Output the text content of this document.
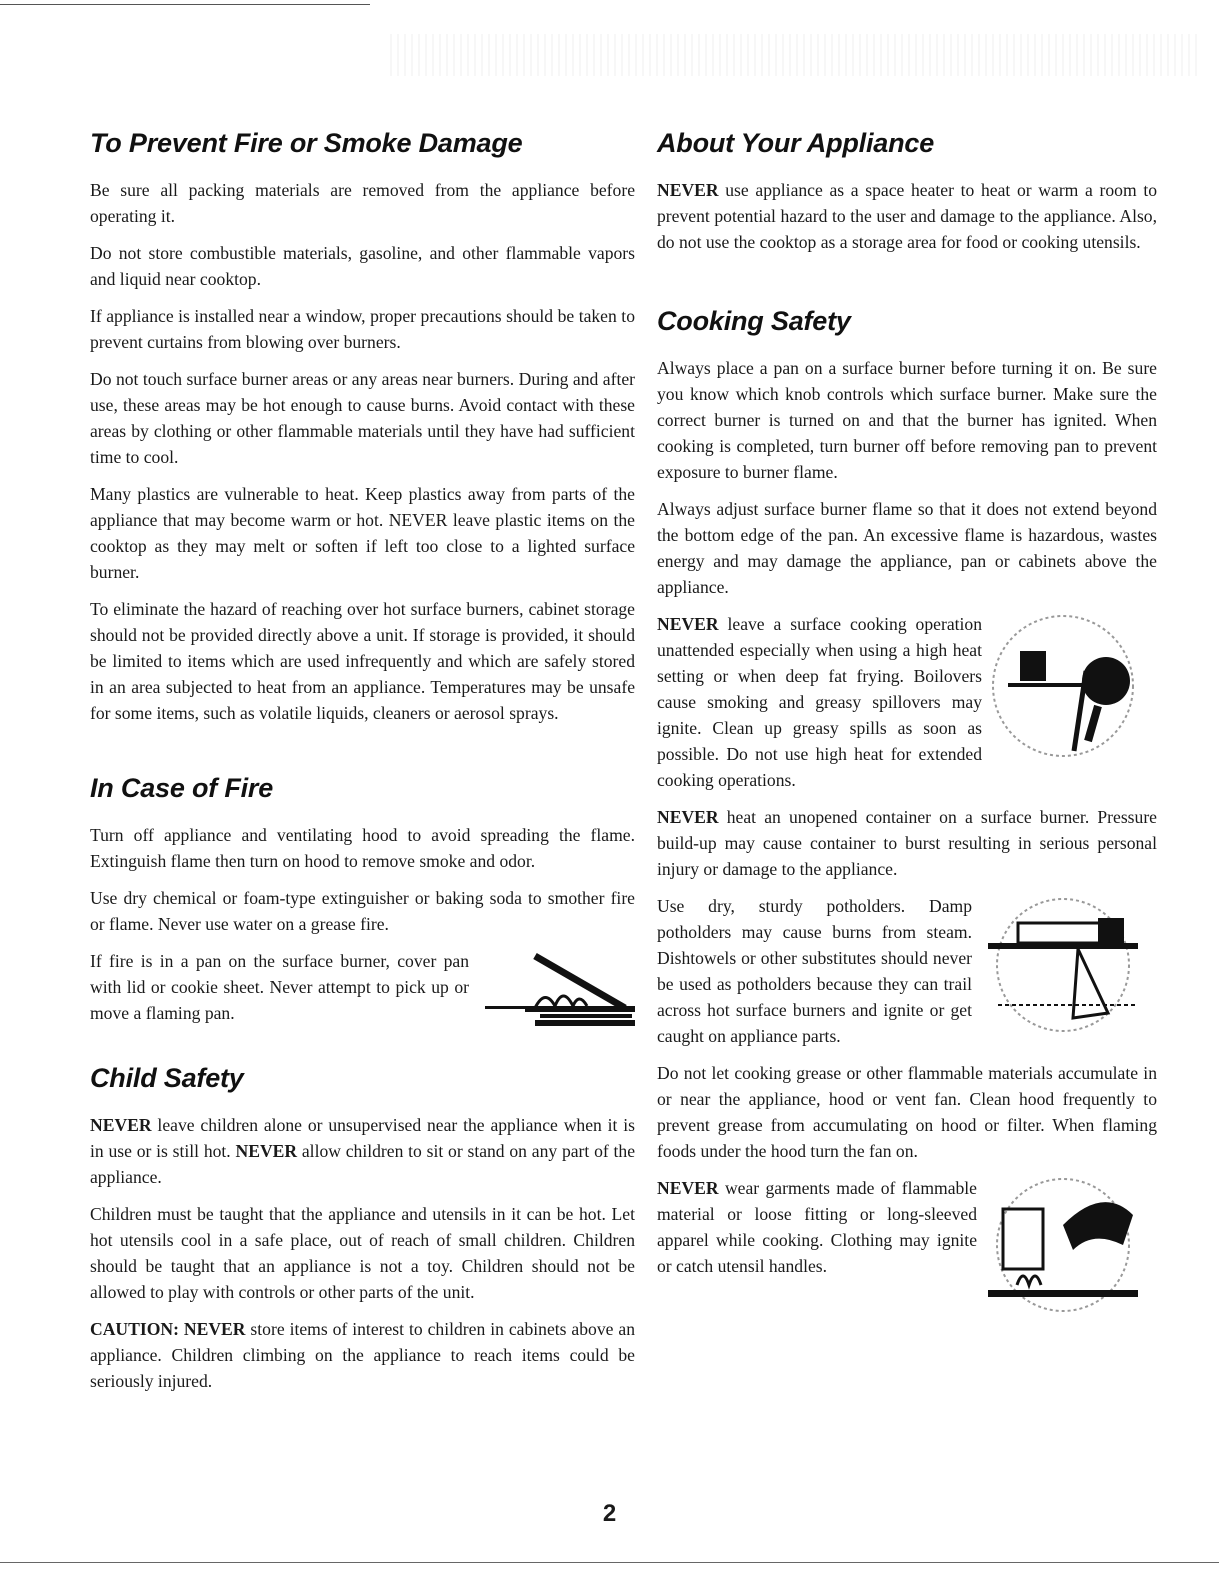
To Prevent Fire or Smoke Damage

Be sure all packing materials are removed from the appliance before operating it.

Do not store combustible materials, gasoline, and other flammable vapors and liquid near cooktop.

If appliance is installed near a window, proper precautions should be taken to prevent curtains from blowing over burners.

Do not touch surface burner areas or any areas near burners. During and after use, these areas may be hot enough to cause burns. Avoid contact with these areas by clothing or other flammable materials until they have had sufficient time to cool.

Many plastics are vulnerable to heat. Keep plastics away from parts of the appliance that may become warm or hot. NEVER leave plastic items on the cooktop as they may melt or soften if left too close to a lighted surface burner.

To eliminate the hazard of reaching over hot surface burners, cabinet storage should not be provided directly above a unit. If storage is provided, it should be limited to items which are used infrequently and which are safely stored in an area subjected to heat from an appliance. Temperatures may be unsafe for some items, such as volatile liquids, cleaners or aerosol sprays.

In Case of Fire

Turn off appliance and ventilating hood to avoid spreading the flame. Extinguish flame then turn on hood to remove smoke and odor.

Use dry chemical or foam-type extinguisher or baking soda to smother fire or flame. Never use water on a grease fire.

If fire is in a pan on the surface burner, cover pan with lid or cookie sheet. Never attempt to pick up or move a flaming pan.

Child Safety

NEVER leave children alone or unsupervised near the appliance when it is in use or is still hot. NEVER allow children to sit or stand on any part of the appliance.

Children must be taught that the appliance and utensils in it can be hot. Let hot utensils cool in a safe place, out of reach of small children. Children should be taught that an appliance is not a toy. Children should not be allowed to play with controls or other parts of the unit.

CAUTION: NEVER store items of interest to children in cabinets above an appliance. Children climbing on the appliance to reach items could be seriously injured.

About Your Appliance

NEVER use appliance as a space heater to heat or warm a room to prevent potential hazard to the user and damage to the appliance. Also, do not use the cooktop as a storage area for food or cooking utensils.

Cooking Safety

Always place a pan on a surface burner before turning it on. Be sure you know which knob controls which surface burner. Make sure the correct burner is turned on and that the burner has ignited. When cooking is completed, turn burner off before removing pan to prevent exposure to burner flame.

Always adjust surface burner flame so that it does not extend beyond the bottom edge of the pan. An excessive flame is hazardous, wastes energy and may damage the appliance, pan or cabinets above the appliance.

NEVER leave a surface cooking operation unattended especially when using a high heat setting or when deep fat frying. Boilovers cause smoking and greasy spillovers may ignite. Clean up greasy spills as soon as possible. Do not use high heat for extended cooking operations.

NEVER heat an unopened container on a surface burner. Pressure build-up may cause container to burst resulting in serious personal injury or damage to the appliance.

Use dry, sturdy potholders. Damp potholders may cause burns from steam. Dishtowels or other substitutes should never be used as potholders because they can trail across hot surface burners and ignite or get caught on appliance parts.

Do not let cooking grease or other flammable materials accumulate in or near the appliance, hood or vent fan. Clean hood frequently to prevent grease from accumulating on hood or filter. When flaming foods under the hood turn the fan on.

NEVER wear garments made of flammable material or loose fitting or long-sleeved apparel while cooking. Clothing may ignite or catch utensil handles.

2
